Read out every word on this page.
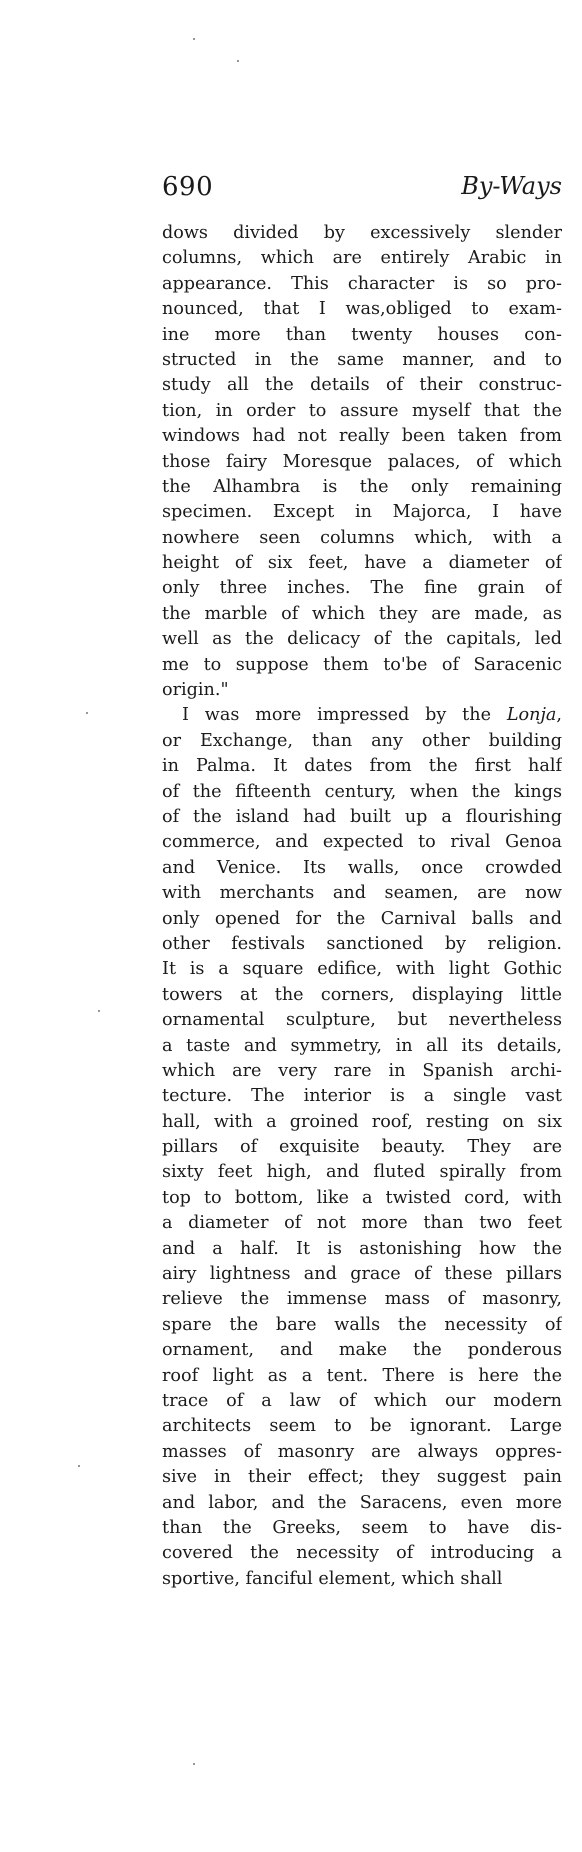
690	By-Ways
dows divided by excessively slender
columns, which are entirely Arabic in
appearance. This character is so pro-
nounced, that I was,obliged to exam-
ine more than twenty houses con-
structed in the same manner, and to
study all the details of their construc-
tion, in order to assure myself that the
windows had not really been taken from
those fairy Moresque palaces, of which
the Alhambra is the only remaining
specimen. Except in Majorca, I have
nowhere seen columns which, with a
height of six feet, have a diameter of
only three inches. The fine grain of
the marble of which they are made, as
well as the delicacy of the capitals, led
me to suppose them to'be of Saracenic
origin."
I was more impressed by the Lonja,
or Exchange, than any other building
in Palma. It dates from the first half
of the fifteenth century, when the kings
of the island had built up a flourishing
commerce, and expected to rival Genoa
and Venice. Its walls, once crowded
with merchants and seamen, are now
only opened for the Carnival balls and
other festivals sanctioned by religion.
It is a square edifice, with light Gothic
towers at the corners, displaying little
ornamental sculpture, but nevertheless
a taste and symmetry, in all its details,
which are very rare in Spanish archi-
tecture. The interior is a single vast
hall, with a groined roof, resting on six
pillars of exquisite beauty. They are
sixty feet high, and fluted spirally from
top to bottom, like a twisted cord, with
a diameter of not more than two feet
and a half. It is astonishing how the
airy lightness and grace of these pillars
relieve the immense mass of masonry,
spare the bare walls the necessity of
ornament, and make the ponderous
roof light as a tent. There is here the
trace of a law of which our modern
architects seem to be ignorant. Large
masses of masonry are always oppres-
sive in their effect; they suggest pain
and labor, and the Saracens, even more
than the Greeks, seem to have dis-
covered the necessity of introducing a
sportive, fanciful element, which shall
